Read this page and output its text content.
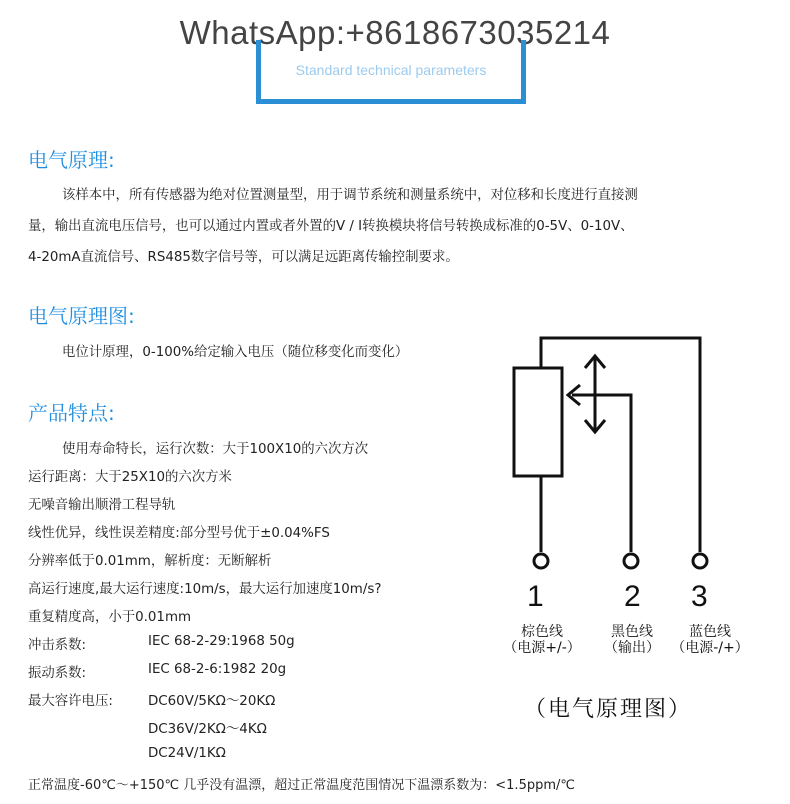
WhatsApp:+8618673035214
Standard technical parameters
电气原理:
该样本中，所有传感器为绝对位置测量型，用于调节系统和测量系统中，对位移和长度进行直接测
量，输出直流电压信号，也可以通过内置或者外置的V / I转换模块将信号转换成标准的0-5V、0-10V、
4-20mA直流信号、RS485数字信号等，可以满足远距离传输控制要求。
电气原理图:
电位计原理，0-100%给定输入电压（随位移变化而变化）
产品特点:
使用寿命特长，运行次数：大于100X10的六次方次
运行距离：大于25X10的六次方米
无噪音输出顺滑工程导轨
线性优异，线性误差精度:部分型号优于±0.04%FS
分辨率低于0.01mm，解析度：无断解析
高运行速度,最大运行速度:10m/s，最大运行加速度10m/s?
重复精度高，小于0.01mm
冲击系数:	IEC 68-2-29:1968 50g
振动系数:	IEC 68-2-6:1982 20g
最大容许电压:	DC60V/5KΩ～20KΩ
DC36V/2KΩ～4KΩ
DC24V/1KΩ
正常温度-60℃～+150℃ 几乎没有温漂，超过正常温度范围情况下温漂系数为：<1.5ppm/℃
1	2 3
棕色线
（电源+/-）
黑色线
（输出）
蓝色线
（电源-/+）
（电气原理图）
